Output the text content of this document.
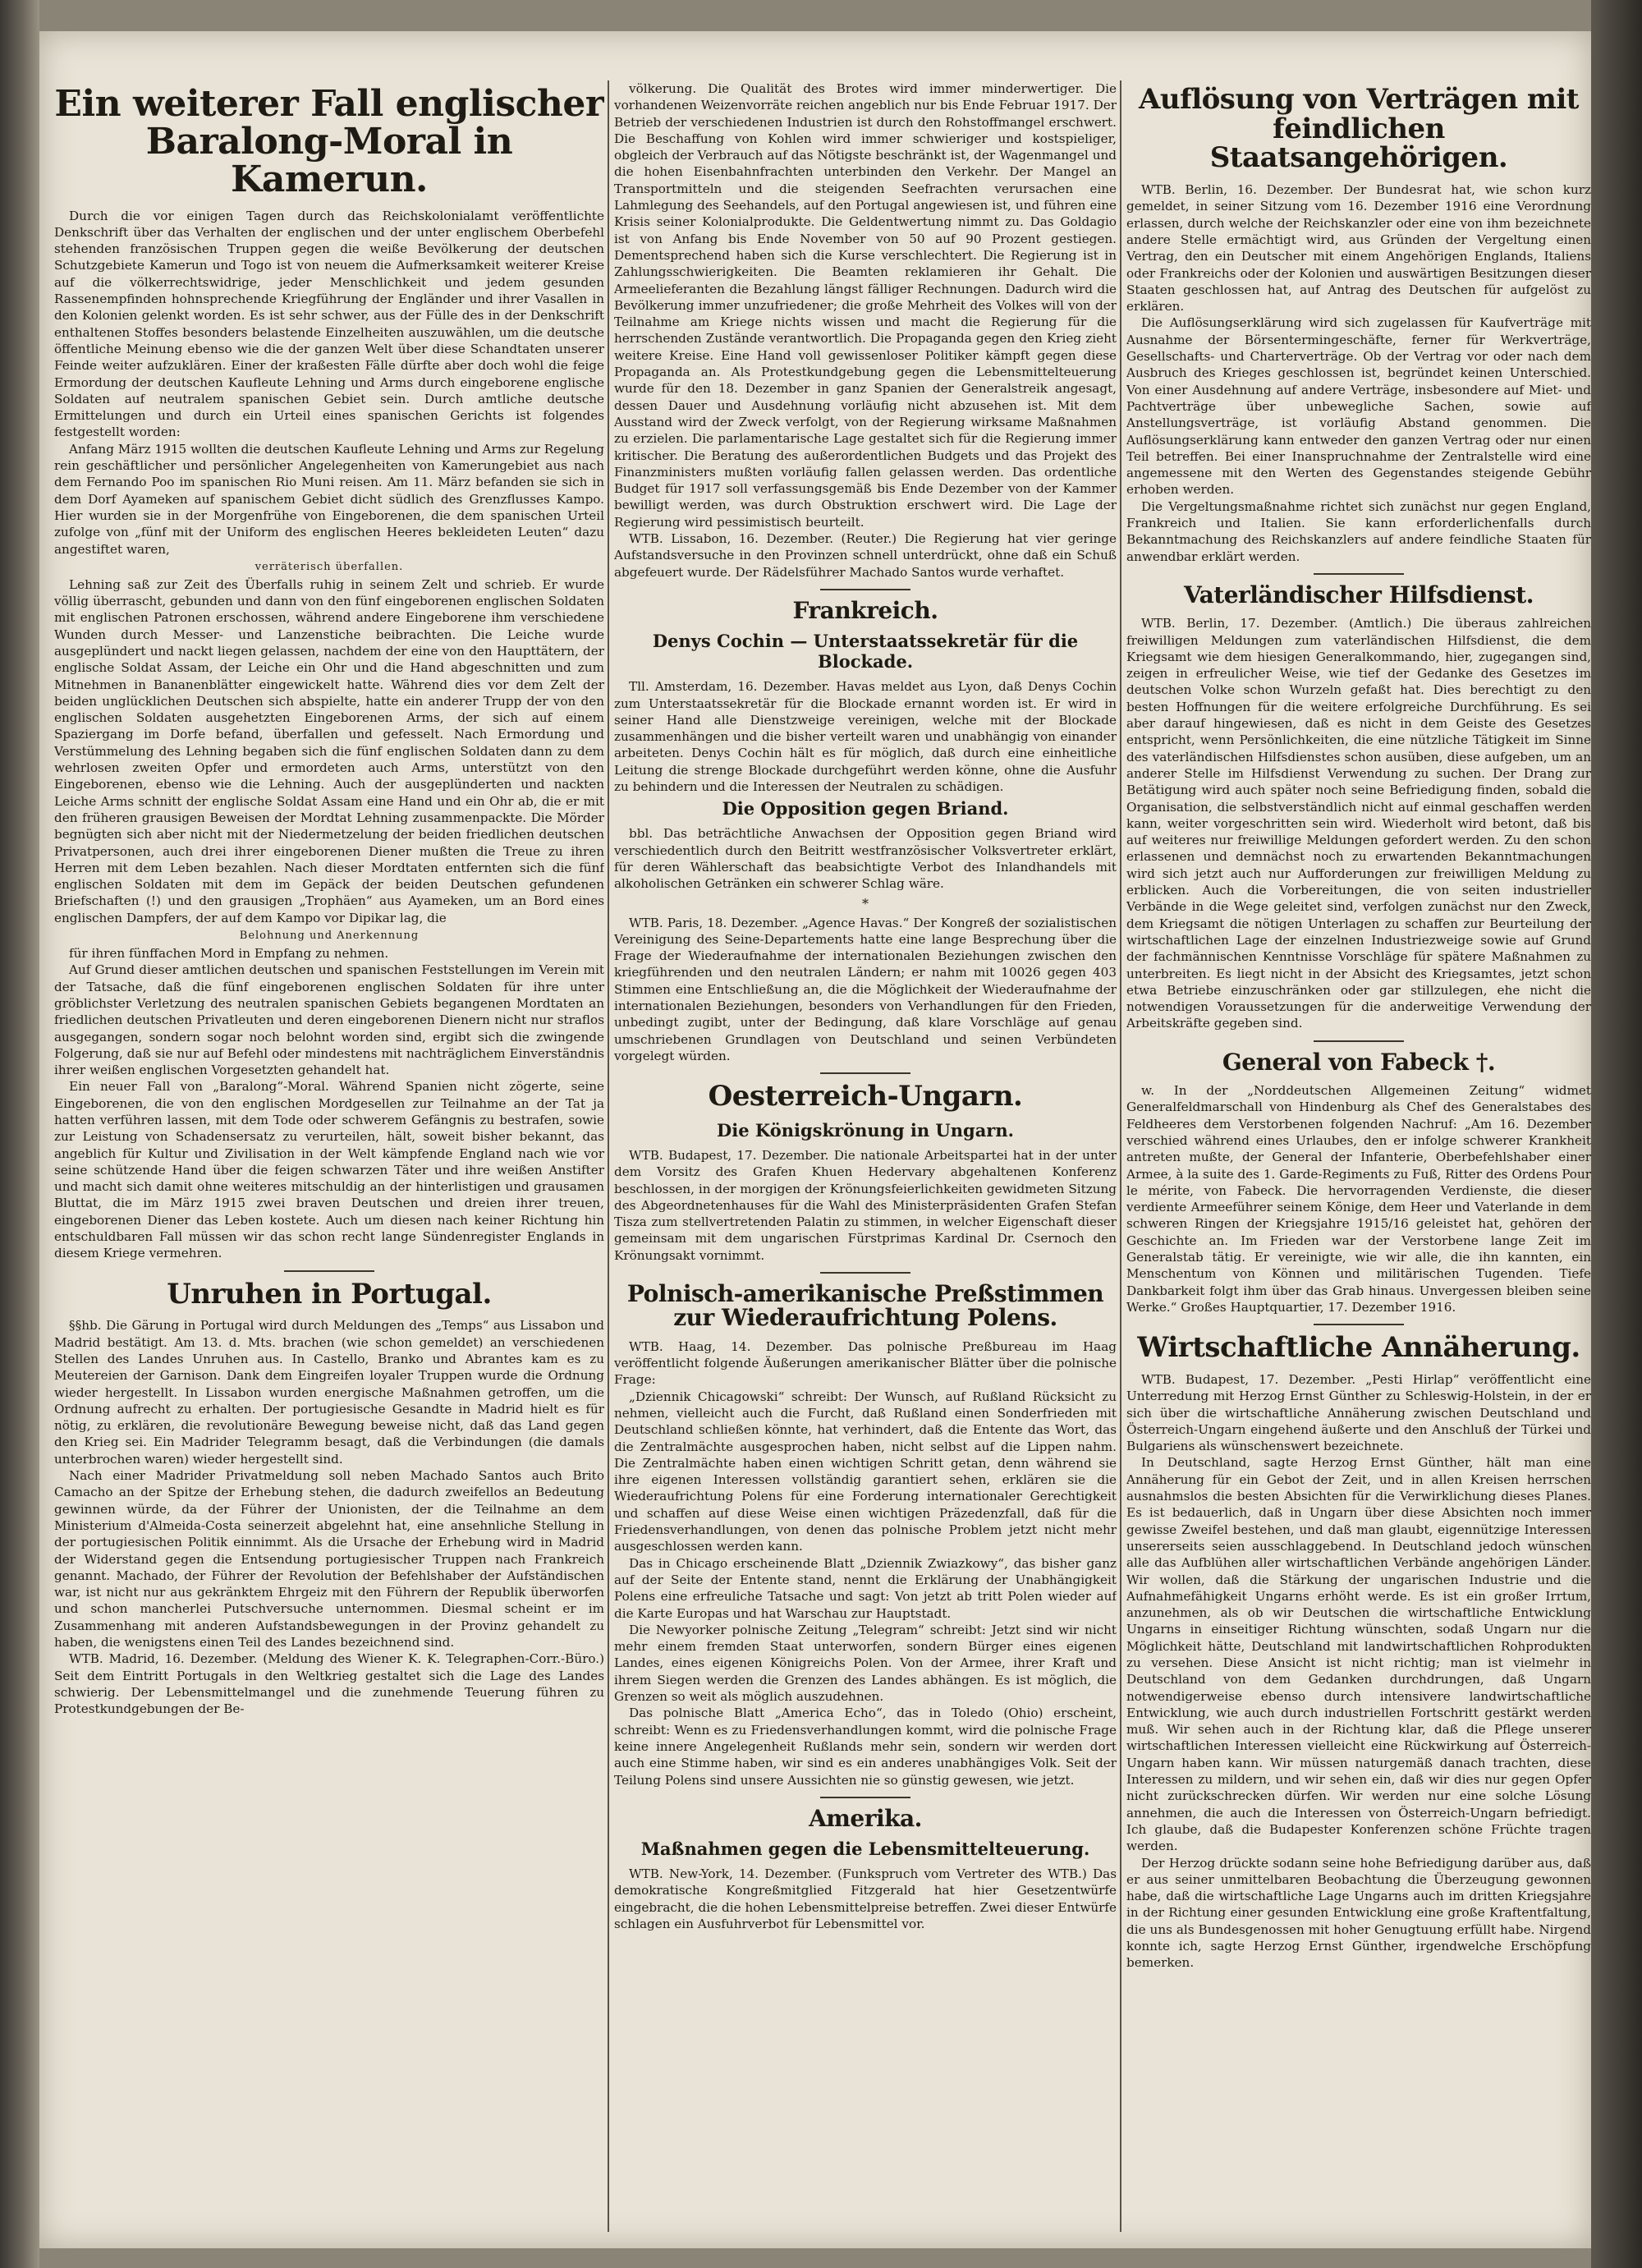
Ein weiterer Fall englischer Baralong-Moral in Kamerun.

Durch die vor einigen Tagen durch das Reichskolonialamt veröffentlichte Denkschrift über das Verhalten der englischen und der unter englischem Oberbefehl stehenden französischen Truppen gegen die weiße Bevölkerung der deutschen Schutzgebiete Kamerun und Togo ist von neuem die Aufmerksamkeit weiterer Kreise auf die völkerrechtswidrige, jeder Menschlichkeit und jedem gesunden Rassenempfinden hohnsprechende Kriegführung der Engländer und ihrer Vasallen in den Kolonien gelenkt worden. Es ist sehr schwer, aus der Fülle des in der Denkschrift enthaltenen Stoffes besonders belastende Einzelheiten auszuwählen, um die deutsche öffentliche Meinung ebenso wie die der ganzen Welt über diese Schandtaten unserer Feinde weiter aufzuklären. Einer der kraßesten Fälle dürfte aber doch wohl die feige Ermordung der deutschen Kaufleute Lehning und Arms durch eingeborene englische Soldaten auf neutralem spanischen Gebiet sein. Durch amtliche deutsche Ermittelungen und durch ein Urteil eines spanischen Gerichts ist folgendes festgestellt worden:

Anfang März 1915 wollten die deutschen Kaufleute Lehning und Arms zur Regelung rein geschäftlicher und persönlicher Angelegenheiten von Kamerungebiet aus nach dem Fernando Poo im spanischen Rio Muni reisen. Am 11. März befanden sie sich in dem Dorf Ayameken auf spanischem Gebiet dicht südlich des Grenzflusses Kampo. Hier wurden sie in der Morgenfrühe von Eingeborenen, die dem spanischen Urteil zufolge von „fünf mit der Uniform des englischen Heeres bekleideten Leuten“ dazu angestiftet waren,

verräterisch überfallen.

Lehning saß zur Zeit des Überfalls ruhig in seinem Zelt und schrieb. Er wurde völlig überrascht, gebunden und dann von den fünf eingeborenen englischen Soldaten mit englischen Patronen erschossen, während andere Eingeborene ihm verschiedene Wunden durch Messer- und Lanzenstiche beibrachten. Die Leiche wurde ausgeplündert und nackt liegen gelassen, nachdem der eine von den Haupttätern, der englische Soldat Assam, der Leiche ein Ohr und die Hand abgeschnitten und zum Mitnehmen in Bananenblätter eingewickelt hatte. Während dies vor dem Zelt der beiden unglücklichen Deutschen sich abspielte, hatte ein anderer Trupp der von den englischen Soldaten ausgehetzten Eingeborenen Arms, der sich auf einem Spaziergang im Dorfe befand, überfallen und gefesselt. Nach Ermordung und Verstümmelung des Lehning begaben sich die fünf englischen Soldaten dann zu dem wehrlosen zweiten Opfer und ermordeten auch Arms, unterstützt von den Eingeborenen, ebenso wie die Lehning. Auch der ausgeplünderten und nackten Leiche Arms schnitt der englische Soldat Assam eine Hand und ein Ohr ab, die er mit den früheren grausigen Beweisen der Mordtat Lehning zusammenpackte. Die Mörder begnügten sich aber nicht mit der Niedermetzelung der beiden friedlichen deutschen Privatpersonen, auch drei ihrer eingeborenen Diener mußten die Treue zu ihren Herren mit dem Leben bezahlen. Nach dieser Mordtaten entfernten sich die fünf englischen Soldaten mit dem im Gepäck der beiden Deutschen gefundenen Briefschaften (!) und den grausigen „Trophäen“ aus Ayameken, um an Bord eines englischen Dampfers, der auf dem Kampo vor Dipikar lag, die

Belohnung und Anerkennung

für ihren fünffachen Mord in Empfang zu nehmen.

Auf Grund dieser amtlichen deutschen und spanischen Feststellungen im Verein mit der Tatsache, daß die fünf eingeborenen englischen Soldaten für ihre unter gröblichster Verletzung des neutralen spanischen Gebiets begangenen Mordtaten an friedlichen deutschen Privatleuten und deren eingeborenen Dienern nicht nur straflos ausgegangen, sondern sogar noch belohnt worden sind, ergibt sich die zwingende Folgerung, daß sie nur auf Befehl oder mindestens mit nachträglichem Einverständnis ihrer weißen englischen Vorgesetzten gehandelt hat.

Ein neuer Fall von „Baralong“-Moral. Während Spanien nicht zögerte, seine Eingeborenen, die von den englischen Mordgesellen zur Teilnahme an der Tat ja hatten verführen lassen, mit dem Tode oder schwerem Gefängnis zu bestrafen, sowie zur Leistung von Schadensersatz zu verurteilen, hält, soweit bisher bekannt, das angeblich für Kultur und Zivilisation in der Welt kämpfende England nach wie vor seine schützende Hand über die feigen schwarzen Täter und ihre weißen Anstifter und macht sich damit ohne weiteres mitschuldig an der hinterlistigen und grausamen Bluttat, die im März 1915 zwei braven Deutschen und dreien ihrer treuen, eingeborenen Diener das Leben kostete. Auch um diesen nach keiner Richtung hin entschuldbaren Fall müssen wir das schon recht lange Sündenregister Englands in diesem Kriege vermehren.

Unruhen in Portugal.

§§hb. Die Gärung in Portugal wird durch Meldungen des „Temps“ aus Lissabon und Madrid bestätigt. Am 13. d. Mts. brachen (wie schon gemeldet) an verschiedenen Stellen des Landes Unruhen aus. In Castello, Branko und Abrantes kam es zu Meutereien der Garnison. Dank dem Eingreifen loyaler Truppen wurde die Ordnung wieder hergestellt. In Lissabon wurden energische Maßnahmen getroffen, um die Ordnung aufrecht zu erhalten. Der portugiesische Gesandte in Madrid hielt es für nötig, zu erklären, die revolutionäre Bewegung beweise nicht, daß das Land gegen den Krieg sei. Ein Madrider Telegramm besagt, daß die Verbindungen (die damals unterbrochen waren) wieder hergestellt sind.

Nach einer Madrider Privatmeldung soll neben Machado Santos auch Brito Camacho an der Spitze der Erhebung stehen, die dadurch zweifellos an Bedeutung gewinnen würde, da der Führer der Unionisten, der die Teilnahme an dem Ministerium d'Almeida-Costa seinerzeit abgelehnt hat, eine ansehnliche Stellung in der portugiesischen Politik einnimmt. Als die Ursache der Erhebung wird in Madrid der Widerstand gegen die Entsendung portugiesischer Truppen nach Frankreich genannt. Machado, der Führer der Revolution der Befehlshaber der Aufständischen war, ist nicht nur aus gekränktem Ehrgeiz mit den Führern der Republik überworfen und schon mancherlei Putschversuche unternommen. Diesmal scheint er im Zusammenhang mit anderen Aufstandsbewegungen in der Provinz gehandelt zu haben, die wenigstens einen Teil des Landes bezeichnend sind.

WTB. Madrid, 16. Dezember. (Meldung des Wiener K. K. Telegraphen-Corr.-Büro.) Seit dem Eintritt Portugals in den Weltkrieg gestaltet sich die Lage des Landes schwierig. Der Lebensmittelmangel und die zunehmende Teuerung führen zu Protestkundgebungen der Be-

völkerung. Die Qualität des Brotes wird immer minderwertiger. Die vorhandenen Weizenvorräte reichen angeblich nur bis Ende Februar 1917. Der Betrieb der verschiedenen Industrien ist durch den Rohstoffmangel erschwert. Die Beschaffung von Kohlen wird immer schwieriger und kostspieliger, obgleich der Verbrauch auf das Nötigste beschränkt ist, der Wagenmangel und die hohen Eisenbahnfrachten unterbinden den Verkehr. Der Mangel an Transportmitteln und die steigenden Seefrachten verursachen eine Lahmlegung des Seehandels, auf den Portugal angewiesen ist, und führen eine Krisis seiner Kolonialprodukte. Die Geldentwertung nimmt zu. Das Goldagio ist von Anfang bis Ende November von 50 auf 90 Prozent gestiegen. Dementsprechend haben sich die Kurse verschlechtert. Die Regierung ist in Zahlungsschwierigkeiten. Die Beamten reklamieren ihr Gehalt. Die Armeelieferanten die Bezahlung längst fälliger Rechnungen. Dadurch wird die Bevölkerung immer unzufriedener; die große Mehrheit des Volkes will von der Teilnahme am Kriege nichts wissen und macht die Regierung für die herrschenden Zustände verantwortlich. Die Propaganda gegen den Krieg zieht weitere Kreise. Eine Hand voll gewissenloser Politiker kämpft gegen diese Propaganda an. Als Protestkundgebung gegen die Lebensmittelteuerung wurde für den 18. Dezember in ganz Spanien der Generalstreik angesagt, dessen Dauer und Ausdehnung vorläufig nicht abzusehen ist. Mit dem Ausstand wird der Zweck verfolgt, von der Regierung wirksame Maßnahmen zu erzielen. Die parlamentarische Lage gestaltet sich für die Regierung immer kritischer. Die Beratung des außerordentlichen Budgets und das Projekt des Finanzministers mußten vorläufig fallen gelassen werden. Das ordentliche Budget für 1917 soll verfassungsgemäß bis Ende Dezember von der Kammer bewilligt werden, was durch Obstruktion erschwert wird. Die Lage der Regierung wird pessimistisch beurteilt.

WTB. Lissabon, 16. Dezember. (Reuter.) Die Regierung hat vier geringe Aufstandsversuche in den Provinzen schnell unterdrückt, ohne daß ein Schuß abgefeuert wurde. Der Rädelsführer Machado Santos wurde verhaftet.

Frankreich.
Denys Cochin — Unterstaatssekretär für die Blockade.

Tll. Amsterdam, 16. Dezember. Havas meldet aus Lyon, daß Denys Cochin zum Unterstaatssekretär für die Blockade ernannt worden ist. Er wird in seiner Hand alle Dienstzweige vereinigen, welche mit der Blockade zusammenhängen und die bisher verteilt waren und unabhängig von einander arbeiteten. Denys Cochin hält es für möglich, daß durch eine einheitliche Leitung die strenge Blockade durchgeführt werden könne, ohne die Ausfuhr zu behindern und die Interessen der Neutralen zu schädigen.

Die Opposition gegen Briand.

bbl. Das beträchtliche Anwachsen der Opposition gegen Briand wird verschiedentlich durch den Beitritt westfranzösischer Volksvertreter erklärt, für deren Wählerschaft das beabsichtigte Verbot des Inlandhandels mit alkoholischen Getränken ein schwerer Schlag wäre.

*

WTB. Paris, 18. Dezember. „Agence Havas.“ Der Kongreß der sozialistischen Vereinigung des Seine-Departements hatte eine lange Besprechung über die Frage der Wiederaufnahme der internationalen Beziehungen zwischen den kriegführenden und den neutralen Ländern; er nahm mit 10026 gegen 403 Stimmen eine Entschließung an, die die Möglichkeit der Wiederaufnahme der internationalen Beziehungen, besonders von Verhandlungen für den Frieden, unbedingt zugibt, unter der Bedingung, daß klare Vorschläge auf genau umschriebenen Grundlagen von Deutschland und seinen Verbündeten vorgelegt würden.

Oesterreich-Ungarn.
Die Königskrönung in Ungarn.

WTB. Budapest, 17. Dezember. Die nationale Arbeitspartei hat in der unter dem Vorsitz des Grafen Khuen Hedervary abgehaltenen Konferenz beschlossen, in der morgigen der Krönungsfeierlichkeiten gewidmeten Sitzung des Abgeordnetenhauses für die Wahl des Ministerpräsidenten Grafen Stefan Tisza zum stellvertretenden Palatin zu stimmen, in welcher Eigenschaft dieser gemeinsam mit dem ungarischen Fürstprimas Kardinal Dr. Csernoch den Krönungsakt vornimmt.

Polnisch-amerikanische Preßstimmen zur Wiederaufrichtung Polens.

WTB. Haag, 14. Dezember. Das polnische Preßbureau im Haag veröffentlicht folgende Äußerungen amerikanischer Blätter über die polnische Frage:

„Dziennik Chicagowski“ schreibt: Der Wunsch, auf Rußland Rücksicht zu nehmen, vielleicht auch die Furcht, daß Rußland einen Sonderfrieden mit Deutschland schließen könnte, hat verhindert, daß die Entente das Wort, das die Zentralmächte ausgesprochen haben, nicht selbst auf die Lippen nahm. Die Zentralmächte haben einen wichtigen Schritt getan, denn während sie ihre eigenen Interessen vollständig garantiert sehen, erklären sie die Wiederaufrichtung Polens für eine Forderung internationaler Gerechtigkeit und schaffen auf diese Weise einen wichtigen Präzedenzfall, daß für die Friedensverhandlungen, von denen das polnische Problem jetzt nicht mehr ausgeschlossen werden kann.

Das in Chicago erscheinende Blatt „Dziennik Zwiazkowy“, das bisher ganz auf der Seite der Entente stand, nennt die Erklärung der Unabhängigkeit Polens eine erfreuliche Tatsache und sagt: Von jetzt ab tritt Polen wieder auf die Karte Europas und hat Warschau zur Hauptstadt.

Die Newyorker polnische Zeitung „Telegram“ schreibt: Jetzt sind wir nicht mehr einem fremden Staat unterworfen, sondern Bürger eines eigenen Landes, eines eigenen Königreichs Polen. Von der Armee, ihrer Kraft und ihrem Siegen werden die Grenzen des Landes abhängen. Es ist möglich, die Grenzen so weit als möglich auszudehnen.

Das polnische Blatt „America Echo“, das in Toledo (Ohio) erscheint, schreibt: Wenn es zu Friedensverhandlungen kommt, wird die polnische Frage keine innere Angelegenheit Rußlands mehr sein, sondern wir werden dort auch eine Stimme haben, wir sind es ein anderes unabhängiges Volk. Seit der Teilung Polens sind unsere Aussichten nie so günstig gewesen, wie jetzt.

Amerika.
Maßnahmen gegen die Lebensmittelteuerung.

WTB. New-York, 14. Dezember. (Funkspruch vom Vertreter des WTB.) Das demokratische Kongreßmitglied Fitzgerald hat hier Gesetzentwürfe eingebracht, die die hohen Lebensmittelpreise betreffen. Zwei dieser Entwürfe schlagen ein Ausfuhrverbot für Lebensmittel vor.

Auflösung von Verträgen mit feindlichen Staatsangehörigen.

WTB. Berlin, 16. Dezember. Der Bundesrat hat, wie schon kurz gemeldet, in seiner Sitzung vom 16. Dezember 1916 eine Verordnung erlassen, durch welche der Reichskanzler oder eine von ihm bezeichnete andere Stelle ermächtigt wird, aus Gründen der Vergeltung einen Vertrag, den ein Deutscher mit einem Angehörigen Englands, Italiens oder Frankreichs oder der Kolonien und auswärtigen Besitzungen dieser Staaten geschlossen hat, auf Antrag des Deutschen für aufgelöst zu erklären.

Die Auflösungserklärung wird sich zugelassen für Kaufverträge mit Ausnahme der Börsentermingeschäfte, ferner für Werkverträge, Gesellschafts- und Charterverträge. Ob der Vertrag vor oder nach dem Ausbruch des Krieges geschlossen ist, begründet keinen Unterschied. Von einer Ausdehnung auf andere Verträge, insbesondere auf Miet- und Pachtverträge über unbewegliche Sachen, sowie auf Anstellungsverträge, ist vorläufig Abstand genommen. Die Auflösungserklärung kann entweder den ganzen Vertrag oder nur einen Teil betreffen. Bei einer Inanspruchnahme der Zentralstelle wird eine angemessene mit den Werten des Gegenstandes steigende Gebühr erhoben werden.

Die Vergeltungsmaßnahme richtet sich zunächst nur gegen England, Frankreich und Italien. Sie kann erforderlichenfalls durch Bekanntmachung des Reichskanzlers auf andere feindliche Staaten für anwendbar erklärt werden.

Vaterländischer Hilfsdienst.

WTB. Berlin, 17. Dezember. (Amtlich.) Die überaus zahlreichen freiwilligen Meldungen zum vaterländischen Hilfsdienst, die dem Kriegsamt wie dem hiesigen Generalkommando, hier, zugegangen sind, zeigen in erfreulicher Weise, wie tief der Gedanke des Gesetzes im deutschen Volke schon Wurzeln gefaßt hat. Dies berechtigt zu den besten Hoffnungen für die weitere erfolgreiche Durchführung. Es sei aber darauf hingewiesen, daß es nicht in dem Geiste des Gesetzes entspricht, wenn Persönlichkeiten, die eine nützliche Tätigkeit im Sinne des vaterländischen Hilfsdienstes schon ausüben, diese aufgeben, um an anderer Stelle im Hilfsdienst Verwendung zu suchen. Der Drang zur Betätigung wird auch später noch seine Befriedigung finden, sobald die Organisation, die selbstverständlich nicht auf einmal geschaffen werden kann, weiter vorgeschritten sein wird. Wiederholt wird betont, daß bis auf weiteres nur freiwillige Meldungen gefordert werden. Zu den schon erlassenen und demnächst noch zu erwartenden Bekanntmachungen wird sich jetzt auch nur Aufforderungen zur freiwilligen Meldung zu erblicken. Auch die Vorbereitungen, die von seiten industrieller Verbände in die Wege geleitet sind, verfolgen zunächst nur den Zweck, dem Kriegsamt die nötigen Unterlagen zu schaffen zur Beurteilung der wirtschaftlichen Lage der einzelnen Industriezweige sowie auf Grund der fachmännischen Kenntnisse Vorschläge für spätere Maßnahmen zu unterbreiten. Es liegt nicht in der Absicht des Kriegsamtes, jetzt schon etwa Betriebe einzuschränken oder gar stillzulegen, ehe nicht die notwendigen Voraussetzungen für die anderweitige Verwendung der Arbeitskräfte gegeben sind.

General von Fabeck †.

w. In der „Norddeutschen Allgemeinen Zeitung“ widmet Generalfeldmarschall von Hindenburg als Chef des Generalstabes des Feldheeres dem Verstorbenen folgenden Nachruf: „Am 16. Dezember verschied während eines Urlaubes, den er infolge schwerer Krankheit antreten mußte, der General der Infanterie, Oberbefehlshaber einer Armee, à la suite des 1. Garde-Regiments zu Fuß, Ritter des Ordens Pour le mérite, von Fabeck. Die hervorragenden Verdienste, die dieser verdiente Armeeführer seinem Könige, dem Heer und Vaterlande in dem schweren Ringen der Kriegsjahre 1915/16 geleistet hat, gehören der Geschichte an. Im Frieden war der Verstorbene lange Zeit im Generalstab tätig. Er vereinigte, wie wir alle, die ihn kannten, ein Menschentum von Können und militärischen Tugenden. Tiefe Dankbarkeit folgt ihm über das Grab hinaus. Unvergessen bleiben seine Werke.“ Großes Hauptquartier, 17. Dezember 1916.

Wirtschaftliche Annäherung.

WTB. Budapest, 17. Dezember. „Pesti Hirlap“ veröffentlicht eine Unterredung mit Herzog Ernst Günther zu Schleswig-Holstein, in der er sich über die wirtschaftliche Annäherung zwischen Deutschland und Österreich-Ungarn eingehend äußerte und den Anschluß der Türkei und Bulgariens als wünschenswert bezeichnete.

In Deutschland, sagte Herzog Ernst Günther, hält man eine Annäherung für ein Gebot der Zeit, und in allen Kreisen herrschen ausnahmslos die besten Absichten für die Verwirklichung dieses Planes. Es ist bedauerlich, daß in Ungarn über diese Absichten noch immer gewisse Zweifel bestehen, und daß man glaubt, eigennützige Interessen unsererseits seien ausschlaggebend. In Deutschland jedoch wünschen alle das Aufblühen aller wirtschaftlichen Verbände angehörigen Länder. Wir wollen, daß die Stärkung der ungarischen Industrie und die Aufnahmefähigkeit Ungarns erhöht werde. Es ist ein großer Irrtum, anzunehmen, als ob wir Deutschen die wirtschaftliche Entwicklung Ungarns in einseitiger Richtung wünschten, sodaß Ungarn nur die Möglichkeit hätte, Deutschland mit landwirtschaftlichen Rohprodukten zu versehen. Diese Ansicht ist nicht richtig; man ist vielmehr in Deutschland von dem Gedanken durchdrungen, daß Ungarn notwendigerweise ebenso durch intensivere landwirtschaftliche Entwicklung, wie auch durch industriellen Fortschritt gestärkt werden muß. Wir sehen auch in der Richtung klar, daß die Pflege unserer wirtschaftlichen Interessen vielleicht eine Rückwirkung auf Österreich-Ungarn haben kann. Wir müssen naturgemäß danach trachten, diese Interessen zu mildern, und wir sehen ein, daß wir dies nur gegen Opfer nicht zurückschrecken dürfen. Wir werden nur eine solche Lösung annehmen, die auch die Interessen von Österreich-Ungarn befriedigt. Ich glaube, daß die Budapester Konferenzen schöne Früchte tragen werden.

Der Herzog drückte sodann seine hohe Befriedigung darüber aus, daß er aus seiner unmittelbaren Beobachtung die Überzeugung gewonnen habe, daß die wirtschaftliche Lage Ungarns auch im dritten Kriegsjahre in der Richtung einer gesunden Entwicklung eine große Kraftentfaltung, die uns als Bundesgenossen mit hoher Genugtuung erfüllt habe. Nirgend konnte ich, sagte Herzog Ernst Günther, irgendwelche Erschöpfung bemerken.
